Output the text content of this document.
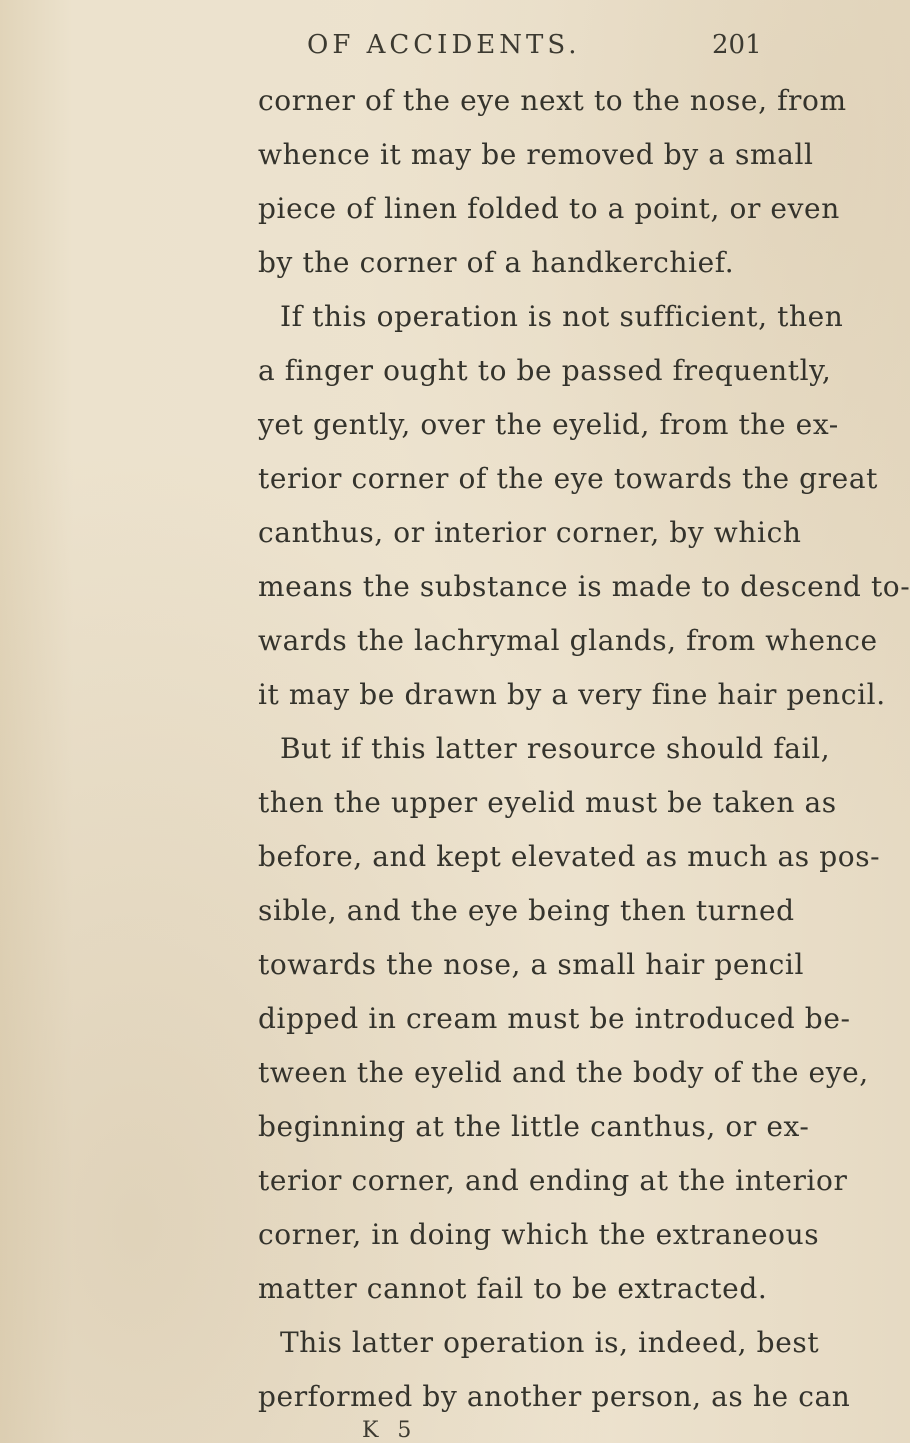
OF ACCIDENTS.	201
corner of the eye next to the nose, from
whence it may be removed by a small
piece of linen folded to a point, or even
by the corner of a handkerchief.
If this operation is not sufficient, then
a finger ought to be passed frequently,
yet gently, over the eyelid, from the ex-
terior corner of the eye towards the great
canthus, or interior corner, by which
means the substance is made to descend to-
wards the lachrymal glands, from whence
it may be drawn by a very fine hair pencil.
But if this latter resource should fail,
then the upper eyelid must be taken as
before, and kept elevated as much as pos-
sible, and the eye being then turned
towards the nose, a small hair pencil
dipped in cream must be introduced be-
tween the eyelid and the body of the eye,
beginning at the little canthus, or ex-
terior corner, and ending at the interior
corner, in doing which the extraneous
matter cannot fail to be extracted.
This latter operation is, indeed, best
performed by another person, as he can
K 5
